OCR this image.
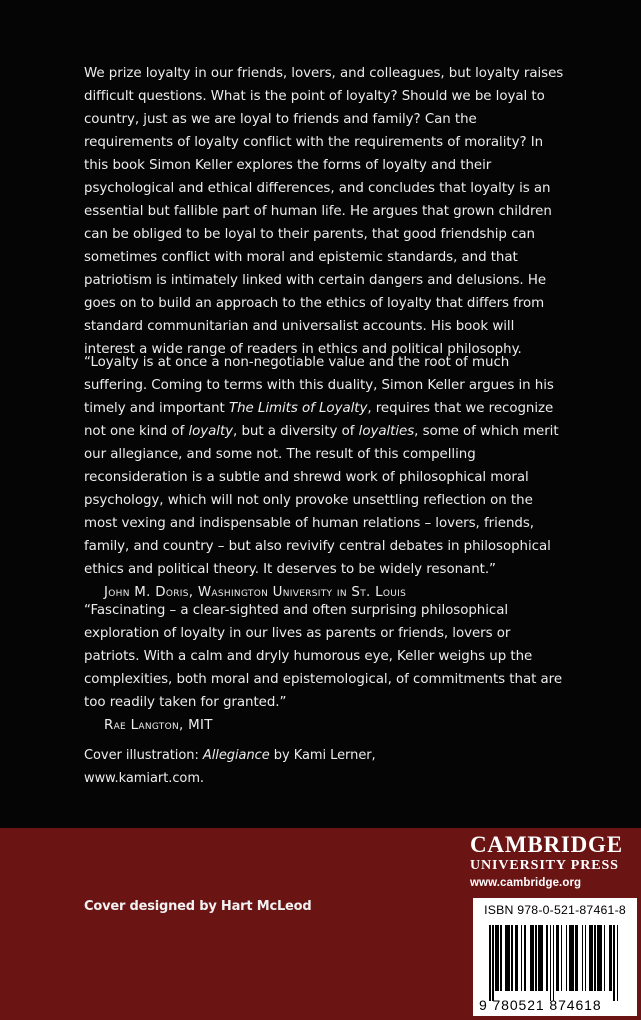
We prize loyalty in our friends, lovers, and colleagues, but loyalty raises difficult questions. What is the point of loyalty? Should we be loyal to country, just as we are loyal to friends and family? Can the requirements of loyalty conflict with the requirements of morality? In this book Simon Keller explores the forms of loyalty and their psychological and ethical differences, and concludes that loyalty is an essential but fallible part of human life. He argues that grown children can be obliged to be loyal to their parents, that good friendship can sometimes conflict with moral and epistemic standards, and that patriotism is intimately linked with certain dangers and delusions. He goes on to build an approach to the ethics of loyalty that differs from standard communitarian and universalist accounts. His book will interest a wide range of readers in ethics and political philosophy.

“Loyalty is at once a non-negotiable value and the root of much suffering. Coming to terms with this duality, Simon Keller argues in his timely and important The Limits of Loyalty, requires that we recognize not one kind of loyalty, but a diversity of loyalties, some of which merit our allegiance, and some not. The result of this compelling reconsideration is a subtle and shrewd work of philosophical moral psychology, which will not only provoke unsettling reflection on the most vexing and indispensable of human relations – lovers, friends, family, and country – but also revivify central debates in philosophical ethics and political theory. It deserves to be widely resonant.”
John M. Doris, Washington University in St. Louis
“Fascinating – a clear-sighted and often surprising philosophical exploration of loyalty in our lives as parents or friends, lovers or patriots. With a calm and dryly humorous eye, Keller weighs up the complexities, both moral and epistemological, of commitments that are too readily taken for granted.”
Rae Langton, MIT
Cover illustration: Allegiance by Kami Lerner,
www.kamiart.com.
Cover designed by Hart McLeod
CAMBRIDGE
UNIVERSITY PRESS
www.cambridge.org
ISBN 978-0-521-87461-8
9 780521 874618
